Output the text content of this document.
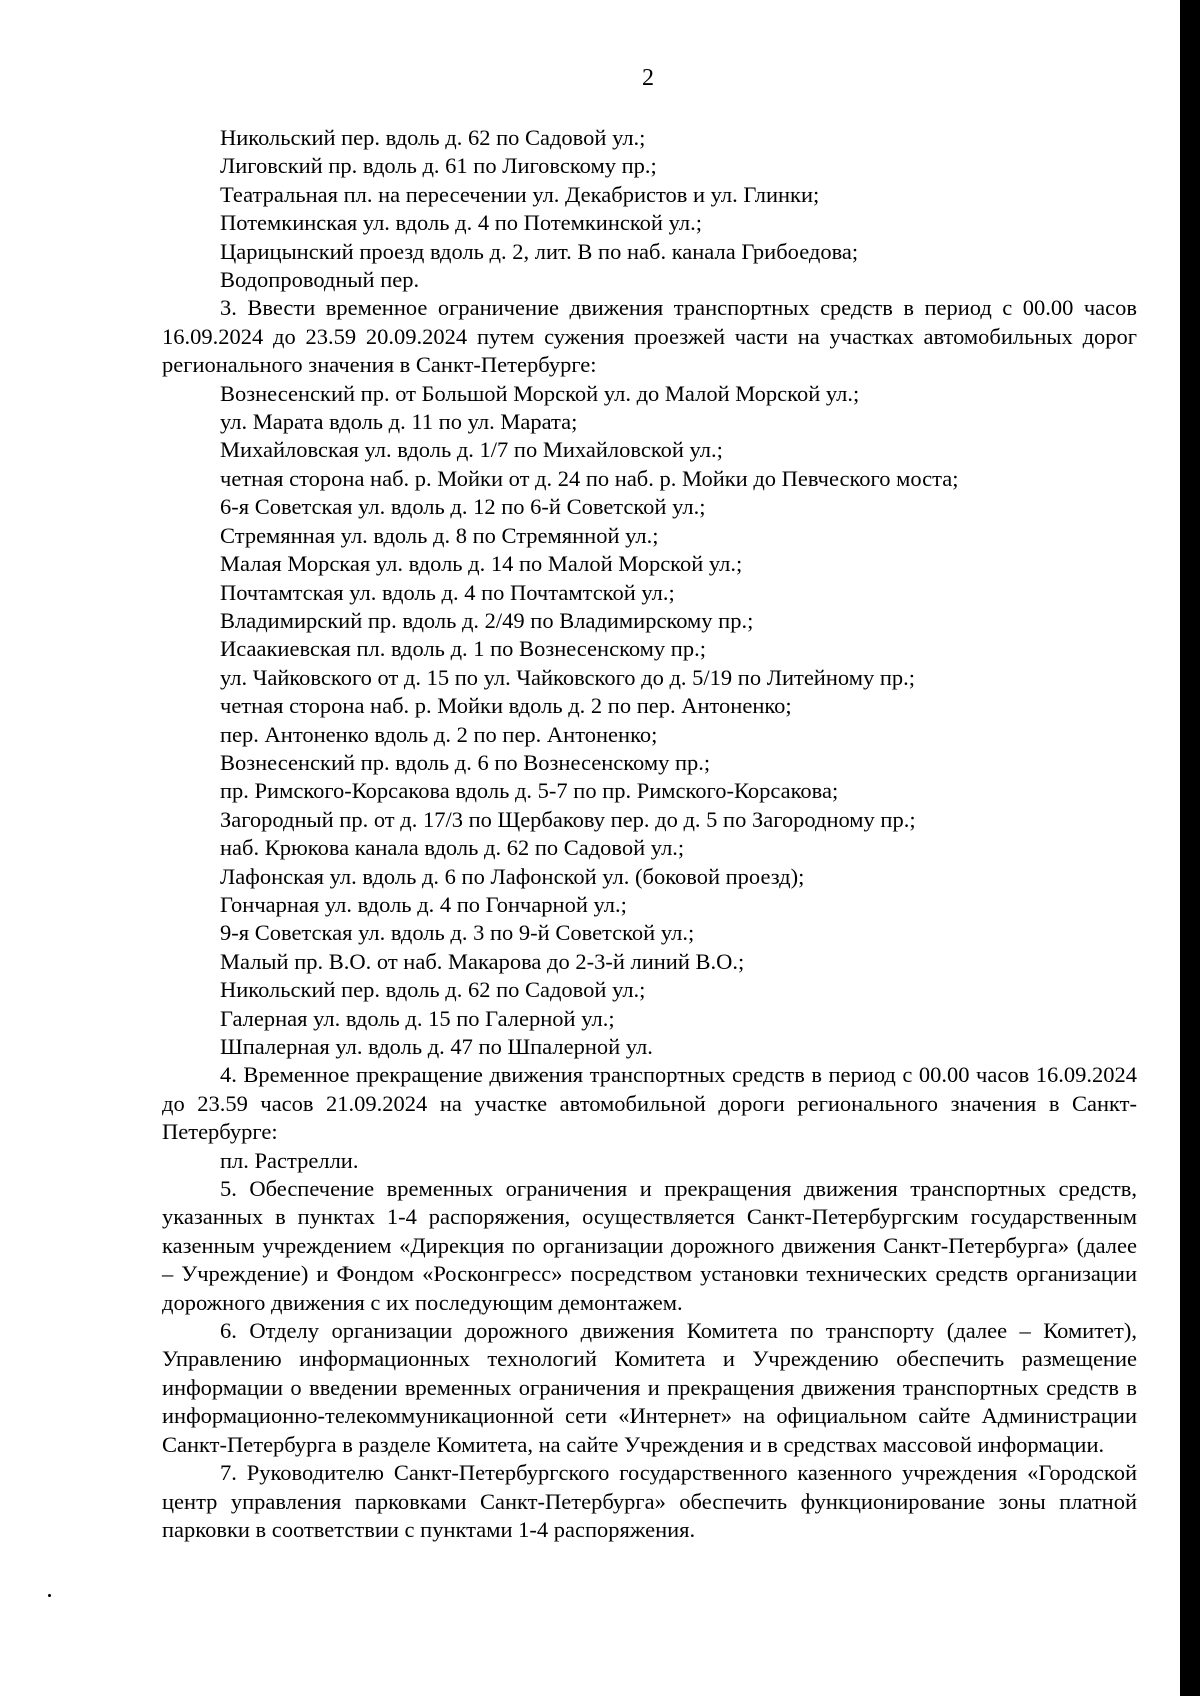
2
Никольский пер. вдоль д. 62 по Садовой ул.;
Лиговский пр. вдоль д. 61 по Лиговскому пр.;
Театральная пл. на пересечении ул. Декабристов и ул. Глинки;
Потемкинская ул. вдоль д. 4 по Потемкинской ул.;
Царицынский проезд вдоль д. 2, лит. В по наб. канала Грибоедова;
Водопроводный пер.
3. Ввести временное ограничение движения транспортных средств в период с 00.00 часов 16.09.2024 до 23.59 20.09.2024 путем сужения проезжей части на участках автомобильных дорог регионального значения в Санкт-Петербурге:
Вознесенский пр. от Большой Морской ул. до Малой Морской ул.;
ул. Марата вдоль д. 11 по ул. Марата;
Михайловская ул. вдоль д. 1/7 по Михайловской ул.;
четная сторона наб. р. Мойки от д. 24 по наб. р. Мойки до Певческого моста;
6-я Советская ул. вдоль д. 12 по 6-й Советской ул.;
Стремянная ул. вдоль д. 8 по Стремянной ул.;
Малая Морская ул. вдоль д. 14 по Малой Морской ул.;
Почтамтская ул. вдоль д. 4 по Почтамтской ул.;
Владимирский пр. вдоль д. 2/49 по Владимирскому пр.;
Исаакиевская пл. вдоль д. 1 по Вознесенскому пр.;
ул. Чайковского от д. 15 по ул. Чайковского до д. 5/19 по Литейному пр.;
четная сторона наб. р. Мойки вдоль д. 2 по пер. Антоненко;
пер. Антоненко вдоль д. 2 по пер. Антоненко;
Вознесенский пр. вдоль д. 6 по Вознесенскому пр.;
пр. Римского-Корсакова вдоль д. 5-7 по пр. Римского-Корсакова;
Загородный пр. от д. 17/3 по Щербакову пер. до д. 5 по Загородному пр.;
наб. Крюкова канала вдоль д. 62 по Садовой ул.;
Лафонская ул. вдоль д. 6 по Лафонской ул. (боковой проезд);
Гончарная ул. вдоль д. 4 по Гончарной ул.;
9-я Советская ул. вдоль д. 3 по 9-й Советской ул.;
Малый пр. В.О. от наб. Макарова до 2-3-й линий В.О.;
Никольский пер. вдоль д. 62 по Садовой ул.;
Галерная ул. вдоль д. 15 по Галерной ул.;
Шпалерная ул. вдоль д. 47 по Шпалерной ул.
4. Временное прекращение движения транспортных средств в период с 00.00 часов 16.09.2024 до 23.59 часов 21.09.2024 на участке автомобильной дороги регионального значения в Санкт-Петербурге:
пл. Растрелли.
5. Обеспечение временных ограничения и прекращения движения транспортных средств, указанных в пунктах 1-4 распоряжения, осуществляется Санкт-Петербургским государственным казенным учреждением «Дирекция по организации дорожного движения Санкт-Петербурга» (далее – Учреждение) и Фондом «Росконгресс» посредством установки технических средств организации дорожного движения с их последующим демонтажем.
6. Отделу организации дорожного движения Комитета по транспорту (далее – Комитет), Управлению информационных технологий Комитета и Учреждению обеспечить размещение информации о введении временных ограничения и прекращения движения транспортных средств в информационно-телекоммуникационной сети «Интернет» на официальном сайте Администрации Санкт-Петербурга в разделе Комитета, на сайте Учреждения и в средствах массовой информации.
7. Руководителю Санкт-Петербургского государственного казенного учреждения «Городской центр управления парковками Санкт-Петербурга» обеспечить функционирование зоны платной парковки в соответствии с пунктами 1-4 распоряжения.
